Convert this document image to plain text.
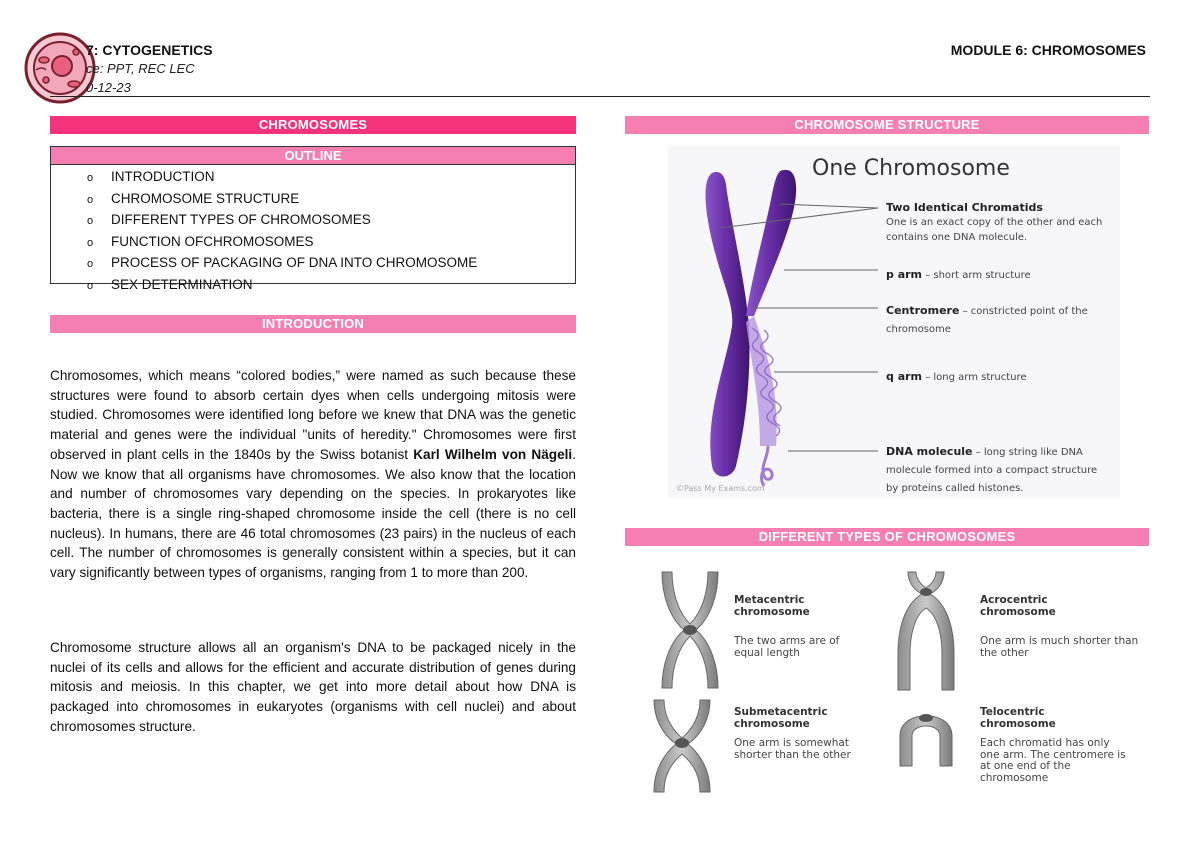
7: CYTOGENETICS
ce: PPT, REC LEC
0-12-23
MODULE 6: CHROMOSOMES
CHROMOSOMES
OUTLINE
o INTRODUCTION
o CHROMOSOME STRUCTURE
o DIFFERENT TYPES OF CHROMOSOMES
o FUNCTION OFCHROMOSOMES
o PROCESS OF PACKAGING OF DNA INTO CHROMOSOME
o SEX DETERMINATION
INTRODUCTION

Chromosomes, which means “colored bodies,” were named as such because these structures were found to absorb certain dyes when cells undergoing mitosis were studied. Chromosomes were identified long before we knew that DNA was the genetic material and genes were the individual "units of heredity." Chromosomes were first observed in plant cells in the 1840s by the Swiss botanist Karl Wilhelm von Nägeli. Now we know that all organisms have chromosomes. We also know that the location and number of chromosomes vary depending on the species. In prokaryotes like bacteria, there is a single ring-shaped chromosome inside the cell (there is no cell nucleus). In humans, there are 46 total chromosomes (23 pairs) in the nucleus of each cell. The number of chromosomes is generally consistent within a species, but it can vary significantly between types of organisms, ranging from 1 to more than 200.

Chromosome structure allows all an organism's DNA to be packaged nicely in the nuclei of its cells and allows for the efficient and accurate distribution of genes during mitosis and meiosis. In this chapter, we get into more detail about how DNA is packaged into chromosomes in eukaryotes (organisms with cell nuclei) and about chromosomes structure.

CHROMOSOME STRUCTURE
One Chromosome
Two Identical Chromatids
One is an exact copy of the other and each contains one DNA molecule.
p arm – short arm structure
Centromere – constricted point of the chromosome
q arm – long arm structure
DNA molecule – long string like DNA molecule formed into a compact structure by proteins called histones.
©Pass My Exams.com
DIFFERENT TYPES OF CHROMOSOMES
Metacentric chromosome
The two arms are of equal length
Acrocentric chromosome
One arm is much shorter than the other
Submetacentric chromosome
One arm is somewhat shorter than the other
Telocentric chromosome
Each chromatid has only one arm. The centromere is at one end of the chromosome
